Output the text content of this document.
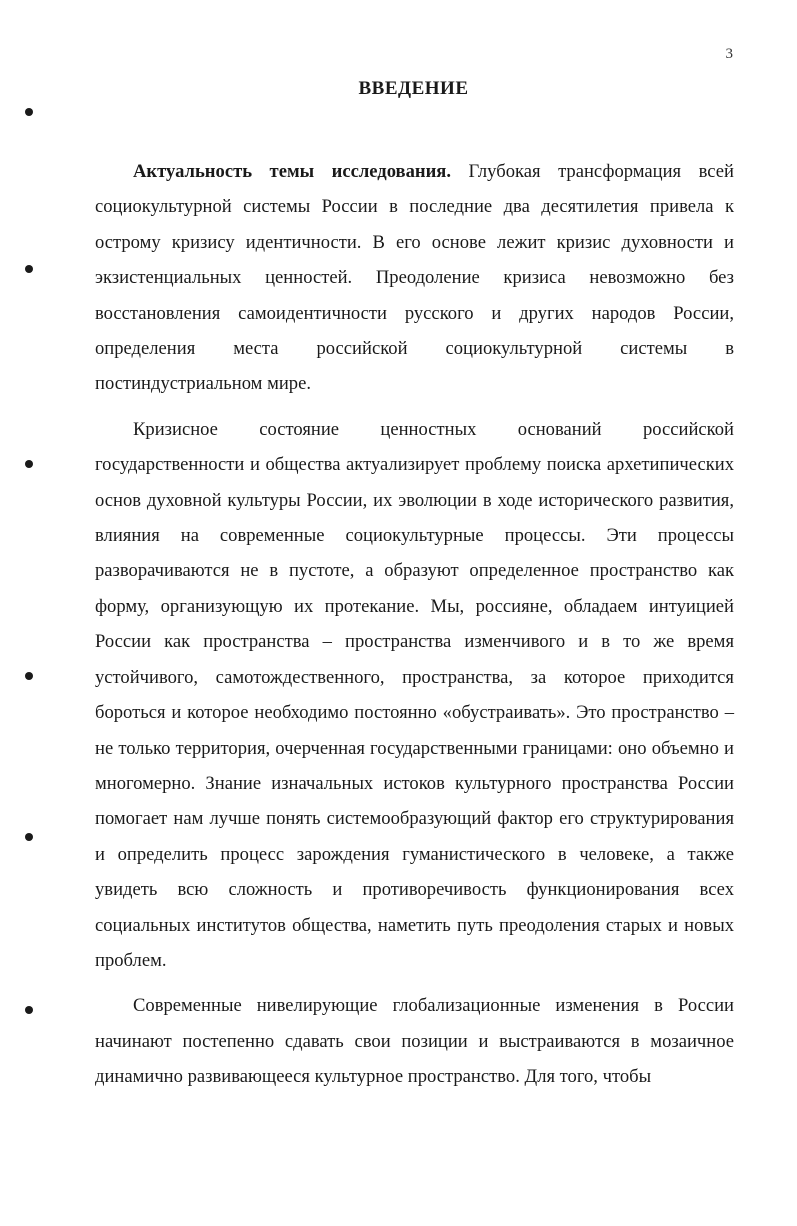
3
ВВЕДЕНИЕ

Актуальность темы исследования. Глубокая трансформация всей социокультурной системы России в последние два десятилетия привела к острому кризису идентичности. В его основе лежит кризис духовности и экзистенциальных ценностей. Преодоление кризиса невозможно без восстановления самоидентичности русского и других народов России, определения места российской социокультурной системы в постиндустриальном мире.

Кризисное состояние ценностных оснований российской государственности и общества актуализирует проблему поиска архетипических основ духовной культуры России, их эволюции в ходе исторического развития, влияния на современные социокультурные процессы. Эти процессы разворачиваются не в пустоте, а образуют определенное пространство как форму, организующую их протекание. Мы, россияне, обладаем интуицией России как пространства – пространства изменчивого и в то же время устойчивого, самотождественного, пространства, за которое приходится бороться и которое необходимо постоянно «обустраивать». Это пространство – не только территория, очерченная государственными границами: оно объемно и многомерно. Знание изначальных истоков культурного пространства России помогает нам лучше понять системообразующий фактор его структурирования и определить процесс зарождения гуманистического в человеке, а также увидеть всю сложность и противоречивость функционирования всех социальных институтов общества, наметить путь преодоления старых и новых проблем.

Современные нивелирующие глобализационные изменения в России начинают постепенно сдавать свои позиции и выстраиваются в мозаичное динамично развивающееся культурное пространство. Для того, чтобы
